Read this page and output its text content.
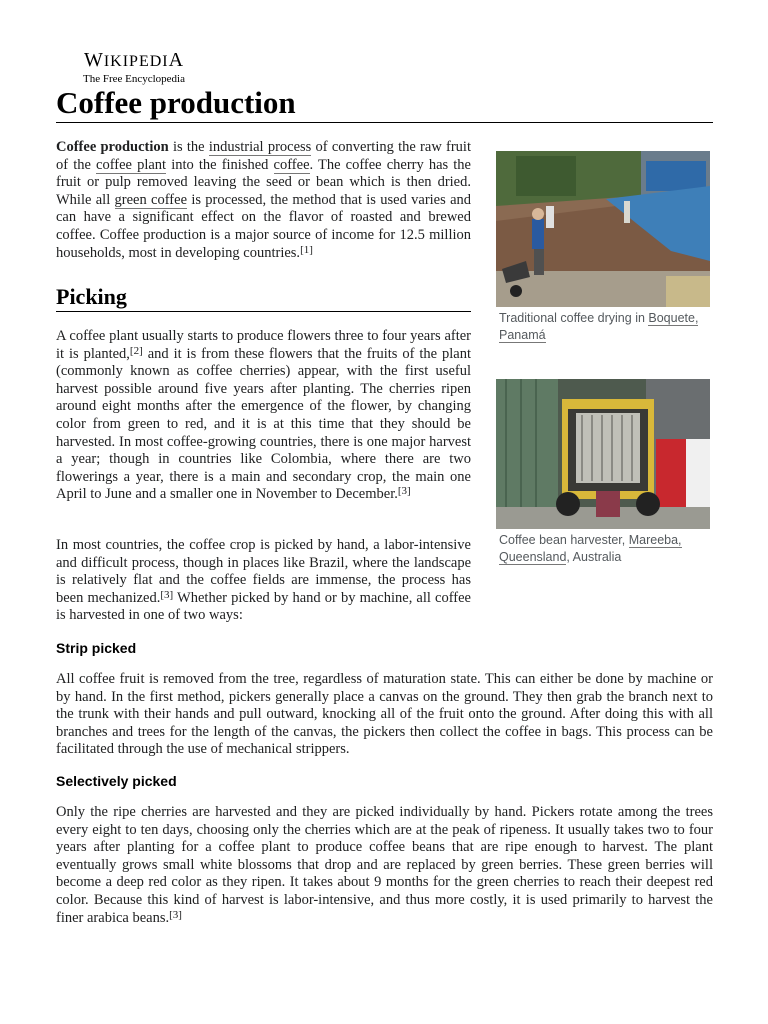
WIKIPEDIA
The Free Encyclopedia
Coffee production

Coffee production is the industrial process of converting the raw fruit of the coffee plant into the finished coffee. The coffee cherry has the fruit or pulp removed leaving the seed or bean which is then dried. While all green coffee is processed, the method that is used varies and can have a significant effect on the flavor of roasted and brewed coffee. Coffee production is a major source of income for 12.5 million households, most in developing countries.[1]

Picking

A coffee plant usually starts to produce flowers three to four years after it is planted,[2] and it is from these flowers that the fruits of the plant (commonly known as coffee cherries) appear, with the first useful harvest possible around five years after planting. The cherries ripen around eight months after the emergence of the flower, by changing color from green to red, and it is at this time that they should be harvested. In most coffee-growing countries, there is one major harvest a year; though in countries like Colombia, where there are two flowerings a year, there is a main and secondary crop, the main one April to June and a smaller one in November to December.[3]

In most countries, the coffee crop is picked by hand, a labor-intensive and difficult process, though in places like Brazil, where the landscape is relatively flat and the coffee fields are immense, the process has been mechanized.[3] Whether picked by hand or by machine, all coffee is harvested in one of two ways:

Strip picked

All coffee fruit is removed from the tree, regardless of maturation state. This can either be done by machine or by hand. In the first method, pickers generally place a canvas on the ground. They then grab the branch next to the trunk with their hands and pull outward, knocking all of the fruit onto the ground. After doing this with all branches and trees for the length of the canvas, the pickers then collect the coffee in bags. This process can be facilitated through the use of mechanical strippers.

Selectively picked

Only the ripe cherries are harvested and they are picked individually by hand. Pickers rotate among the trees every eight to ten days, choosing only the cherries which are at the peak of ripeness. It usually takes two to four years after planting for a coffee plant to produce coffee beans that are ripe enough to harvest. The plant eventually grows small white blossoms that drop and are replaced by green berries. These green berries will become a deep red color as they ripen. It takes about 9 months for the green cherries to reach their deepest red color. Because this kind of harvest is labor-intensive, and thus more costly, it is used primarily to harvest the finer arabica beans.[3]

Traditional coffee drying in Boquete, Panamá
Coffee bean harvester, Mareeba, Queensland, Australia
